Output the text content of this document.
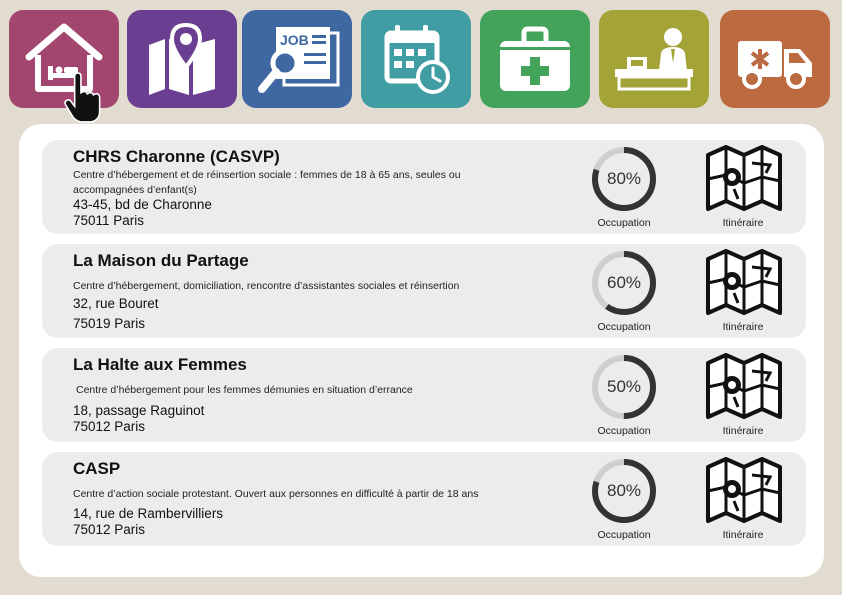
JOB
CHRS Charonne (CASVP)
Centre d’hébergement et de réinsertion sociale : femmes de 18 à 65 ans, seules ou accompagnées d’enfant(s)
43-45, bd de Charonne
75011 Paris
80%
Occupation	Itinéraire
La Maison du Partage
Centre d’hébergement, domiciliation, rencontre d’assistantes sociales et réinsertion
32, rue Bouret
75019 Paris
60%
Occupation	Itinéraire
La Halte aux Femmes
Centre d’hébergement pour les femmes démunies en situation d’errance
18, passage Raguinot
75012 Paris
50%
Occupation	Itinéraire
CASP
Centre d’action sociale protestant. Ouvert aux personnes en difficulté à partir de 18 ans
14, rue de Rambervilliers
75012 Paris
80%
Occupation	Itinéraire
